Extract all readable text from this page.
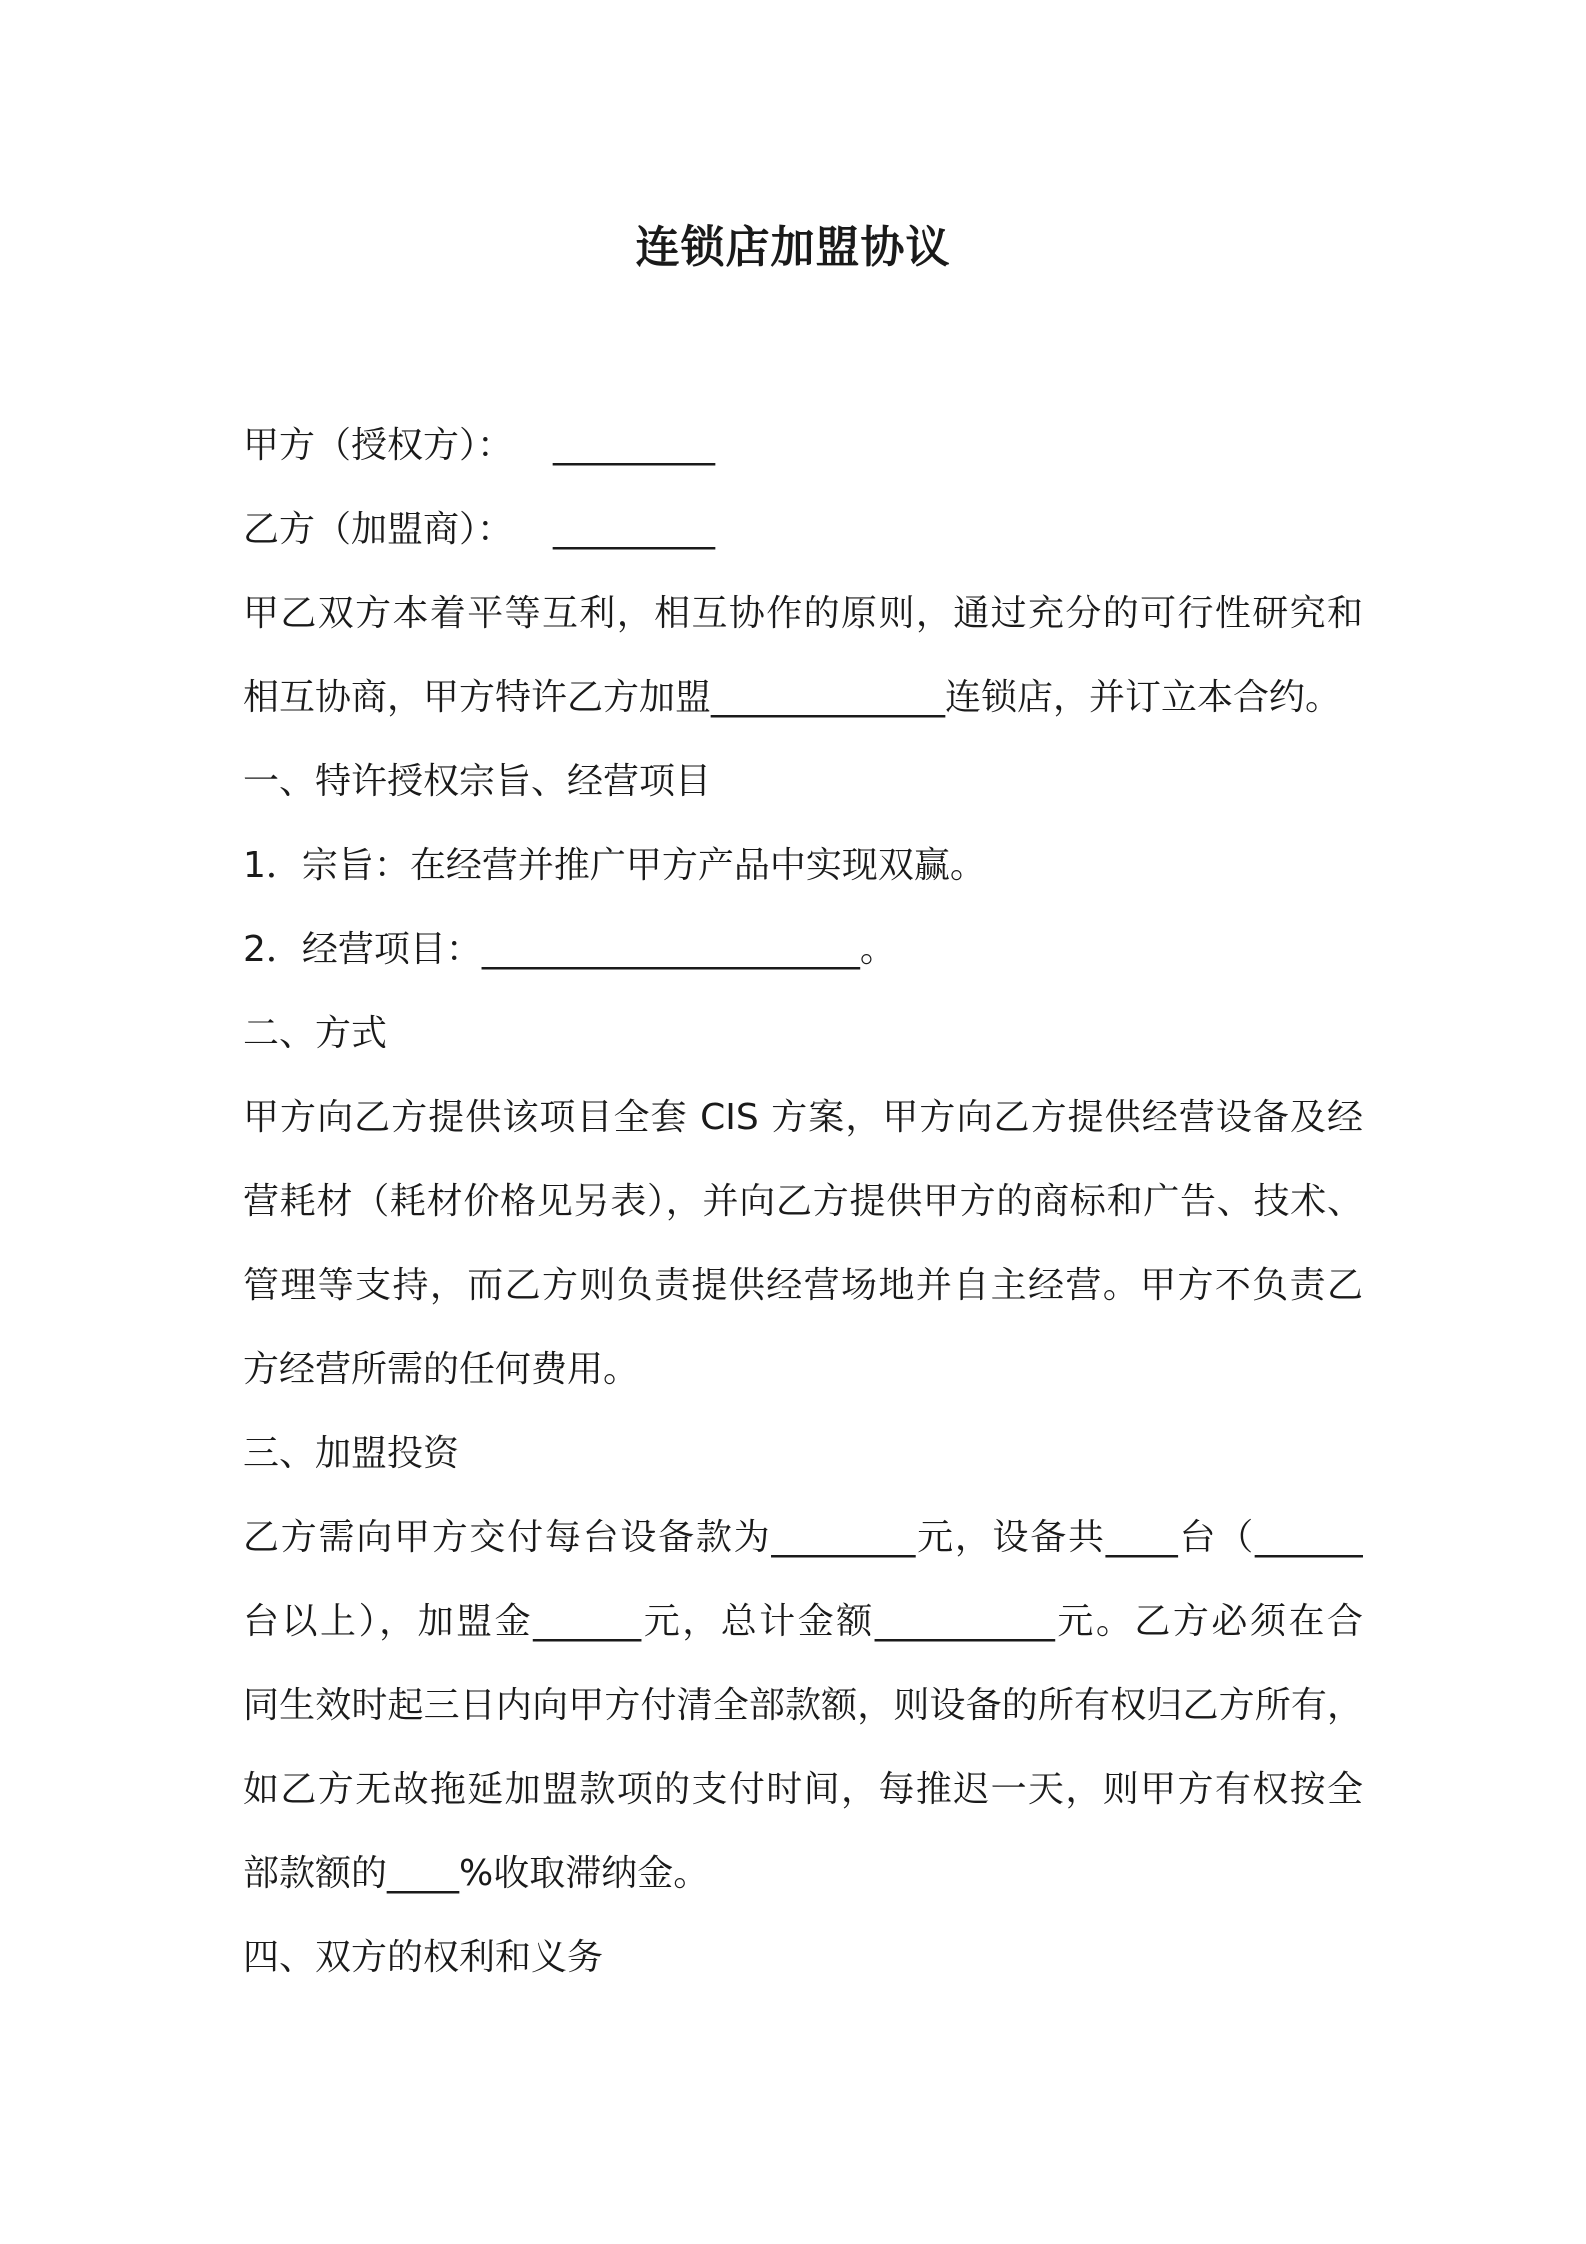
连锁店加盟协议
甲方（授权方）： _________
乙方（加盟商）： _________
甲乙双方本着平等互利，相互协作的原则，通过充分的可行性研究和
相互协商，甲方特许乙方加盟_____________连锁店，并订立本合约。
一、特许授权宗旨、经营项目
1．宗旨：在经营并推广甲方产品中实现双赢。
2．经营项目：_____________________。
二、方式
甲方向乙方提供该项目全套 CIS 方案，甲方向乙方提供经营设备及经
营耗材（耗材价格见另表），并向乙方提供甲方的商标和广告、技术、
管理等支持，而乙方则负责提供经营场地并自主经营。甲方不负责乙
方经营所需的任何费用。
三、加盟投资
乙方需向甲方交付每台设备款为________元，设备共____台（______
台以上），加盟金______元，总计金额__________元。乙方必须在合
同生效时起三日内向甲方付清全部款额，则设备的所有权归乙方所有，
如乙方无故拖延加盟款项的支付时间，每推迟一天，则甲方有权按全
部款额的____%收取滞纳金。
四、双方的权利和义务
